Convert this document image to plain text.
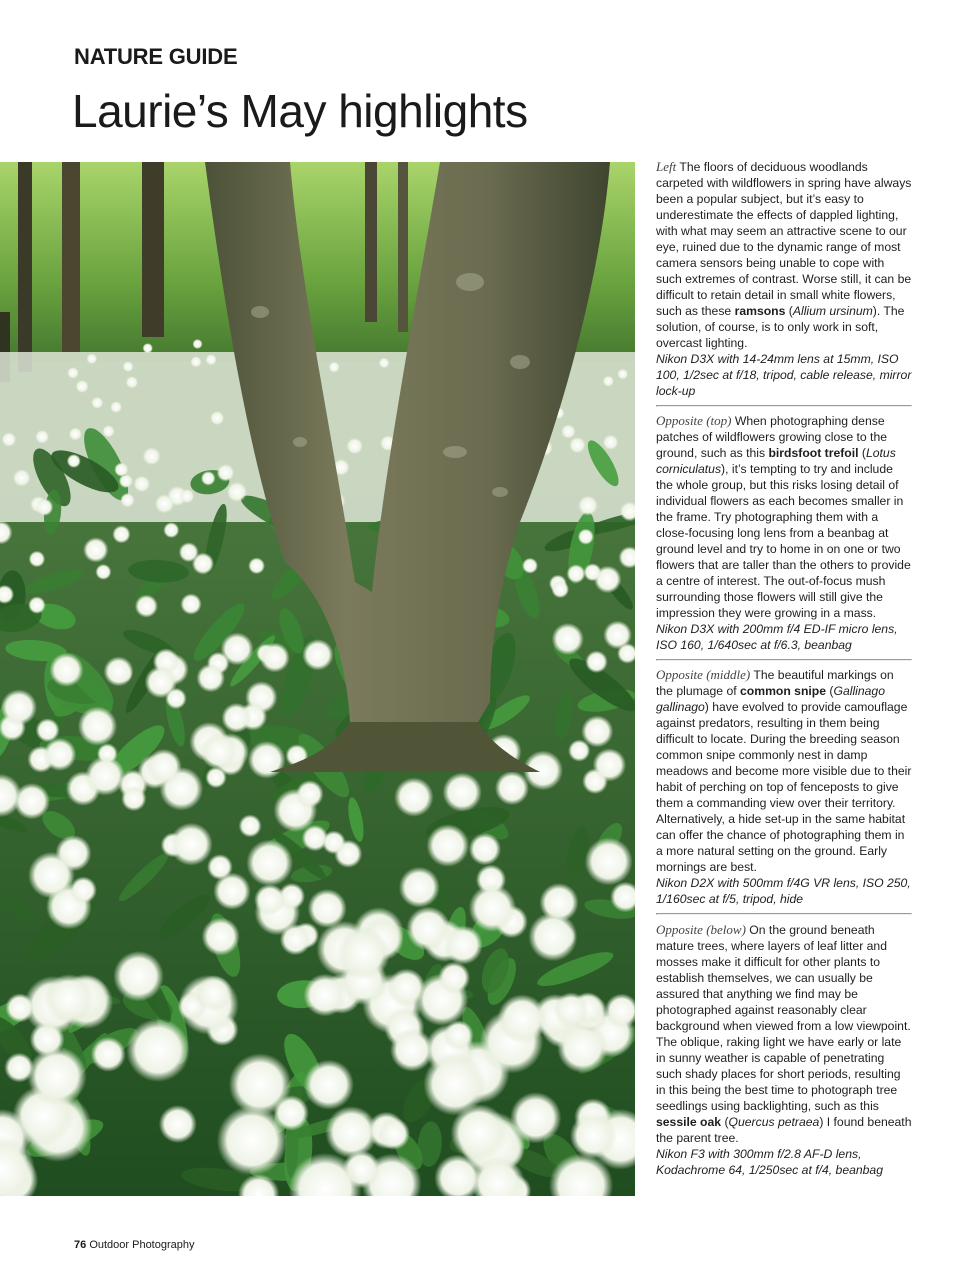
NATURE GUIDE
Laurie’s May highlights

Left The floors of deciduous woodlands carpeted with wildflowers in spring have always been a popular subject, but it’s easy to underestimate the effects of dappled lighting, with what may seem an attractive scene to our eye, ruined due to the dynamic range of most camera sensors being unable to cope with such extremes of contrast. Worse still, it can be difficult to retain detail in small white flowers, such as these ramsons (Allium ursinum). The solution, of course, is to only work in soft, overcast lighting.

Nikon D3X with 14-24mm lens at 15mm, ISO 100, 1/2sec at f/18, tripod, cable release, mirror lock-up

Opposite (top) When photographing dense patches of wildflowers growing close to the ground, such as this birdsfoot trefoil (Lotus corniculatus), it’s tempting to try and include the whole group, but this risks losing detail of individual flowers as each becomes smaller in the frame. Try photographing them with a close-focusing long lens from a beanbag at ground level and try to home in on one or two flowers that are taller than the others to provide a centre of interest. The out-of-focus mush surrounding those flowers will still give the impression they were growing in a mass.

Nikon D3X with 200mm f/4 ED-IF micro lens, ISO 160, 1/640sec at f/6.3, beanbag

Opposite (middle) The beautiful markings on the plumage of common snipe (Gallinago gallinago) have evolved to provide camouflage against predators, resulting in them being difficult to locate. During the breeding season common snipe commonly nest in damp meadows and become more visible due to their habit of perching on top of fenceposts to give them a commanding view over their territory. Alternatively, a hide set-up in the same habitat can offer the chance of photographing them in a more natural setting on the ground. Early mornings are best.

Nikon D2X with 500mm f/4G VR lens, ISO 250, 1/160sec at f/5, tripod, hide

Opposite (below) On the ground beneath mature trees, where layers of leaf litter and mosses make it difficult for other plants to establish themselves, we can usually be assured that anything we find may be photographed against reasonably clear background when viewed from a low viewpoint. The oblique, raking light we have early or late in sunny weather is capable of penetrating such shady places for short periods, resulting in this being the best time to photograph tree seedlings using backlighting, such as this sessile oak (Quercus petraea) I found beneath the parent tree.

Nikon F3 with 300mm f/2.8 AF-D lens, Kodachrome 64, 1/250sec at f/4, beanbag

76 Outdoor Photography
